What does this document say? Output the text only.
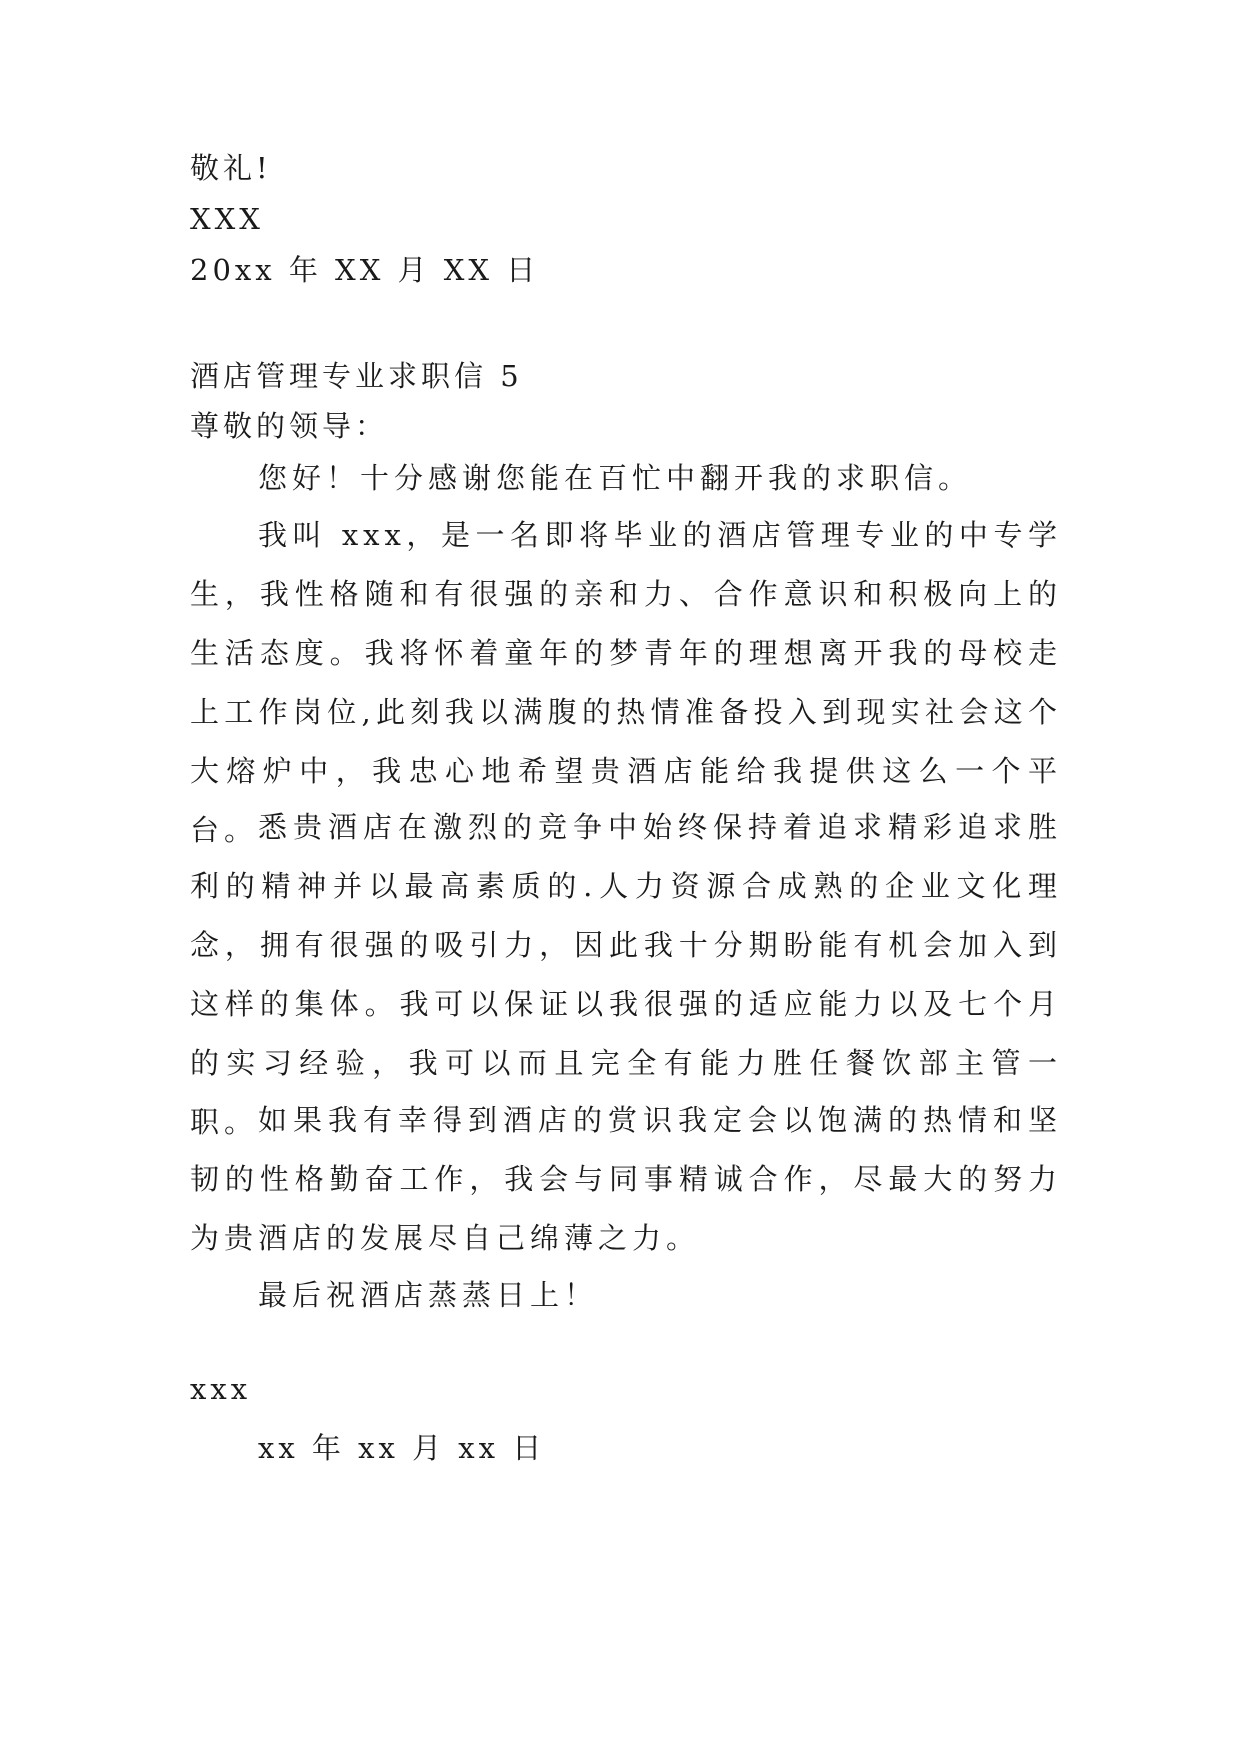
敬礼!
XXX
20xx 年 XX 月 XX 日
酒店管理专业求职信 5
尊敬的领导：
您好！十分感谢您能在百忙中翻开我的求职信。
我叫 xxx，是一名即将毕业的酒店管理专业的中专学生，我性格随和有很强的亲和力、合作意识和积极向上的生活态度。我将怀着童年的梦青年的理想离开我的母校走上工作岗位,此刻我以满腹的热情准备投入到现实社会这个大熔炉中，我忠心地希望贵酒店能给我提供这么一个平台。 悉贵酒店在激烈的竞争中始终保持着追求精彩追求胜利的精神并以最高素质的.人力资源合成熟的企业文化理念，拥有很强的吸引力，因此我十分期盼能有机会加入到这样的集体。我可以保证以我很强的适应能力以及七个月的实习经验，我可以而且完全有能力胜任餐饮部主管一职。 如果我有幸得到酒店的赏识我定会以饱满的热情和坚韧的性格勤奋工作，我会与同事精诚合作，尽最大的努力为贵酒店的发展尽自己绵薄之力。
最后祝酒店蒸蒸日上！
xxx
xx 年 xx 月 xx 日
